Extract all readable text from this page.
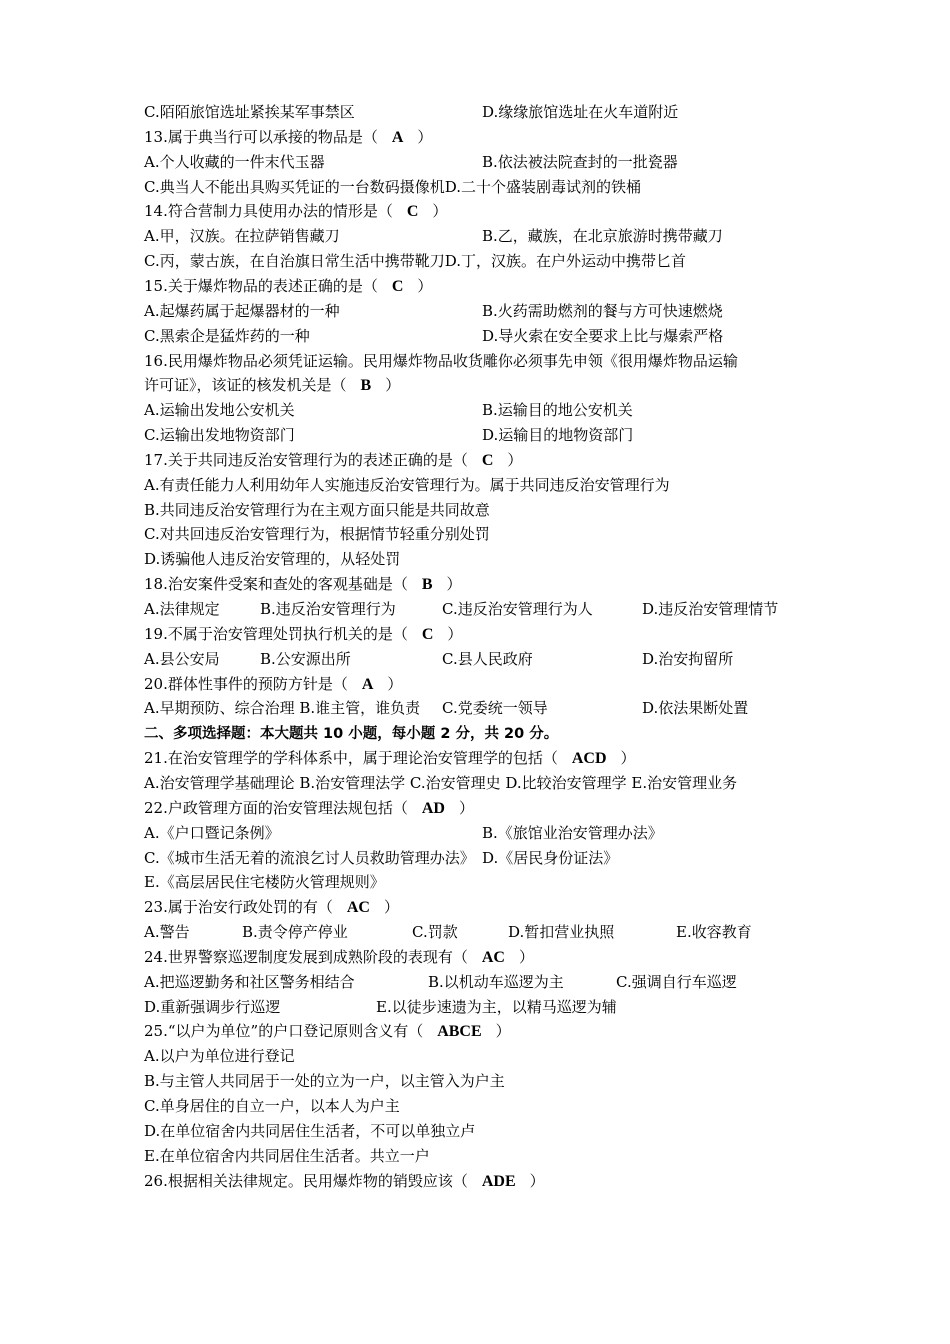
C.陌陌旅馆选址紧挨某军事禁区	D.缘缘旅馆选址在火车道附近
13.属于典当行可以承接的物品是（ A ）
A.个人收藏的一件末代玉器	B.依法被法院查封的一批瓷器
C.典当人不能出具购买凭证的一台数码摄像机D.二十个盛装剧毒试剂的铁桶
14.符合营制力具使用办法的情形是（ C ）
A.甲，汉族。在拉萨销售藏刀	B.乙，藏族，在北京旅游时携带藏刀
C.丙，蒙古族，在自治旗日常生活中携带靴刀D.丁，汉族。在户外运动中携带匕首
15.关于爆炸物品的表述正确的是（ C ）
A.起爆药属于起爆器材的一种	B.火药需助燃剂的餐与方可快速燃烧
C.黑索企是猛炸药的一种	D.导火索在安全要求上比与爆索严格
16.民用爆炸物品必须凭证运输。民用爆炸物品收货雕你必须事先申领《很用爆炸物品运输
许可证》，该证的核发机关是（ B ）
A.运输出发地公安机关	B.运输目的地公安机关
C.运输出发地物资部门	D.运输目的地物资部门
17.关于共同违反治安管理行为的表述正确的是（ C ）
A.有责任能力人利用幼年人实施违反治安管理行为。属于共同违反治安管理行为
B.共同违反治安管理行为在主观方面只能是共同故意
C.对共回违反治安管理行为，根据情节轻重分别处罚
D.诱骗他人违反治安管理的，从轻处罚
18.治安案件受案和查处的客观基础是（ B ）
A.法律规定	B.违反治安管理行为	C.违反治安管理行为人	D.违反治安管理情节
19.不属于治安管理处罚执行机关的是（ C ）
A.县公安局	B.公安源出所	C.县人民政府	D.治安拘留所
20.群体性事件的预防方针是（ A ）
A.早期预防、综合治理 B.谁主管，谁负责 C.党委统一领导	D.依法果断处置
二、多项选择题：本大题共 10 小题，每小题 2 分，共 20 分。
21.在治安管理学的学科体系中，属于理论治安管理学的包括（ ACD ）
A.治安管理学基础理论 B.治安管理法学 C.治安管理史 D.比较治安管理学 E.治安管理业务
22.户政管理方面的治安管理法规包括（ AD ）
A.《户口暨记条例》	B.《旅馆业治安管理办法》
C.《城市生活无着的流浪乞讨人员救助管理办法》 D.《居民身份证法》
E.《高层居民住宅楼防火管理规则》
23.属于治安行政处罚的有（ AC ）
A.警告	B.责令停产停业	C.罚款	D.暂扣营业执照	E.收容教育
24.世界警察巡逻制度发展到成熟阶段的表现有（ AC ）
A.把巡逻勤务和社区警务相结合	B.以机动车巡逻为主	C.强调自行车巡逻
D.重新强调步行巡逻	E.以徒步速遗为主，以精马巡逻为辅
25.“以户为单位”的户口登记原则含义有（ ABCE ）
A.以户为单位进行登记
B.与主管人共同居于一处的立为一户，以主管入为户主
C.单身居住的自立一户，以本人为户主
D.在单位宿舍内共同居住生活者，不可以单独立卢
E.在单位宿舍内共同居住生活者。共立一户
26.根据相关法律规定。民用爆炸物的销毁应该（ ADE ）
